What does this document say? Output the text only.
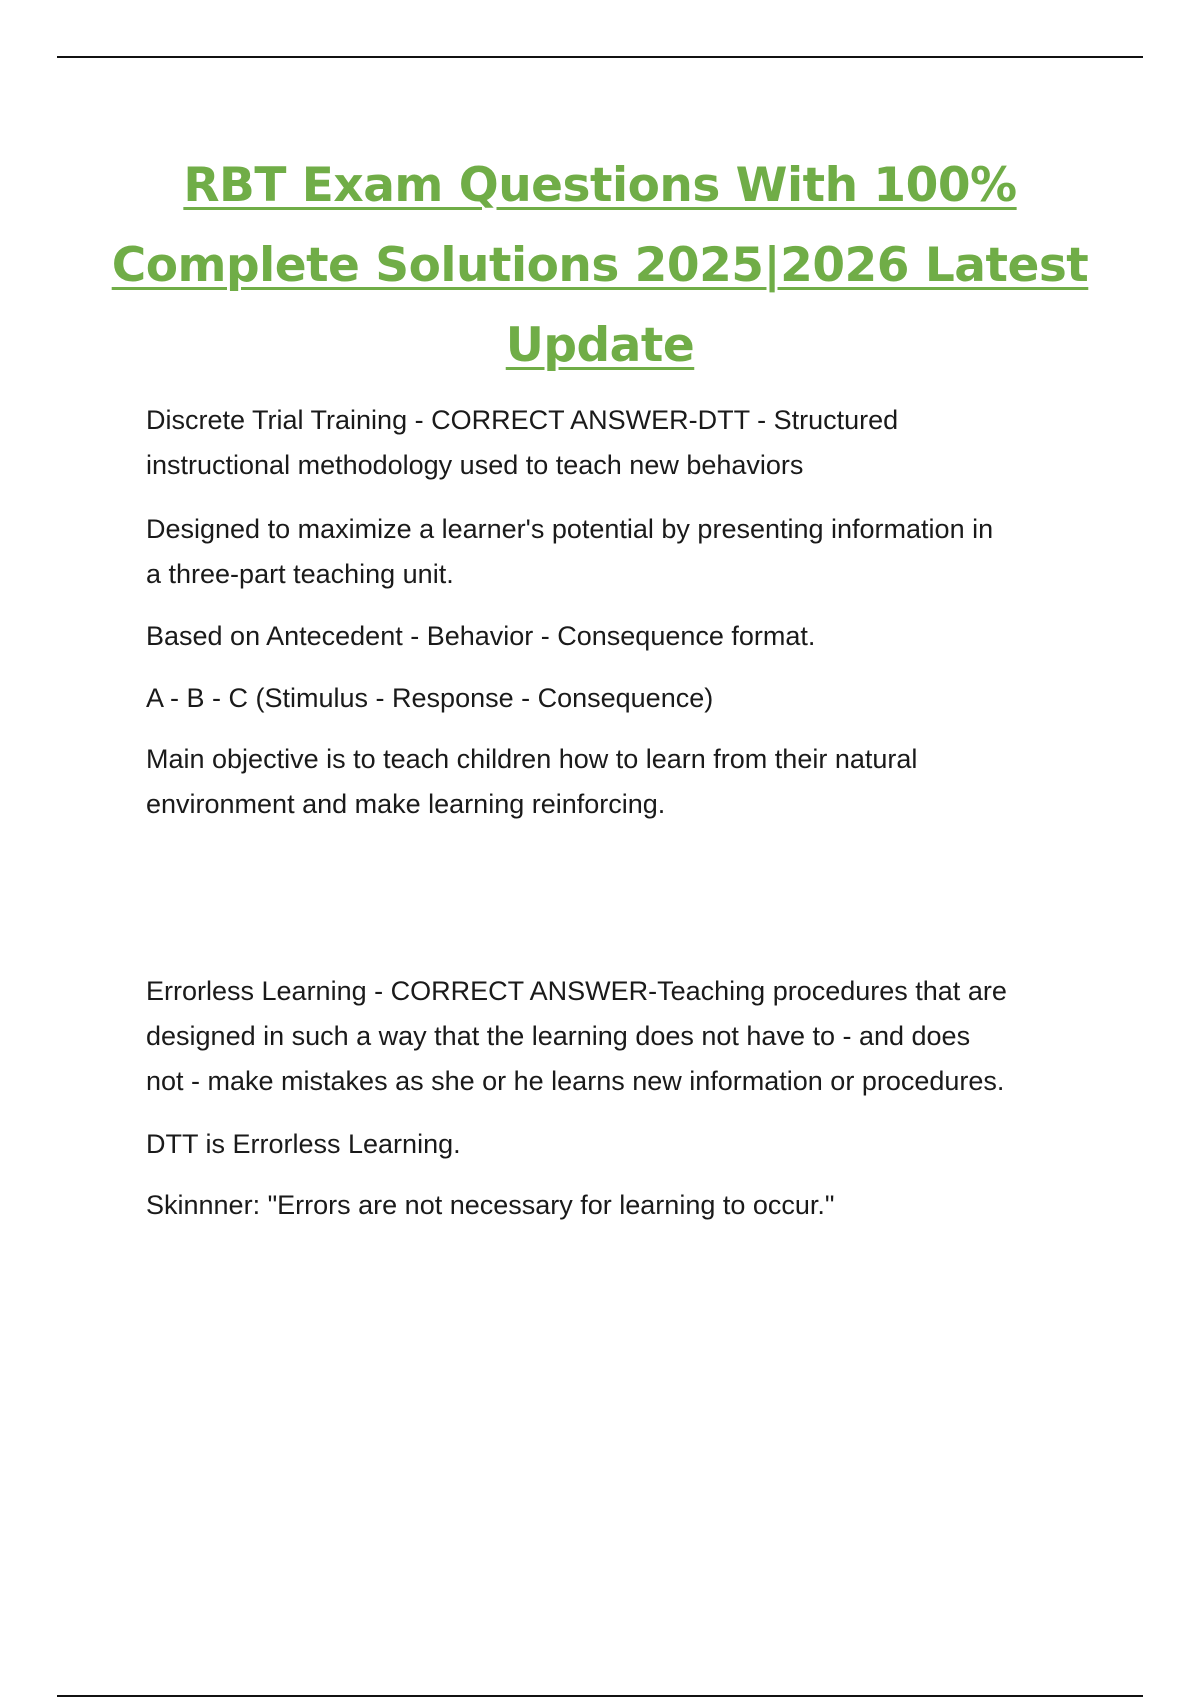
RBT Exam Questions With 100%
Complete Solutions 2025|2026 Latest
Update

Discrete Trial Training - CORRECT ANSWER-DTT - Structured
instructional methodology used to teach new behaviors

Designed to maximize a learner's potential by presenting information in
a three-part teaching unit.

Based on Antecedent - Behavior - Consequence format.

A - B - C (Stimulus - Response - Consequence)

Main objective is to teach children how to learn from their natural
environment and make learning reinforcing.

Errorless Learning - CORRECT ANSWER-Teaching procedures that are
designed in such a way that the learning does not have to - and does
not - make mistakes as she or he learns new information or procedures.

DTT is Errorless Learning.

Skinnner: "Errors are not necessary for learning to occur."
